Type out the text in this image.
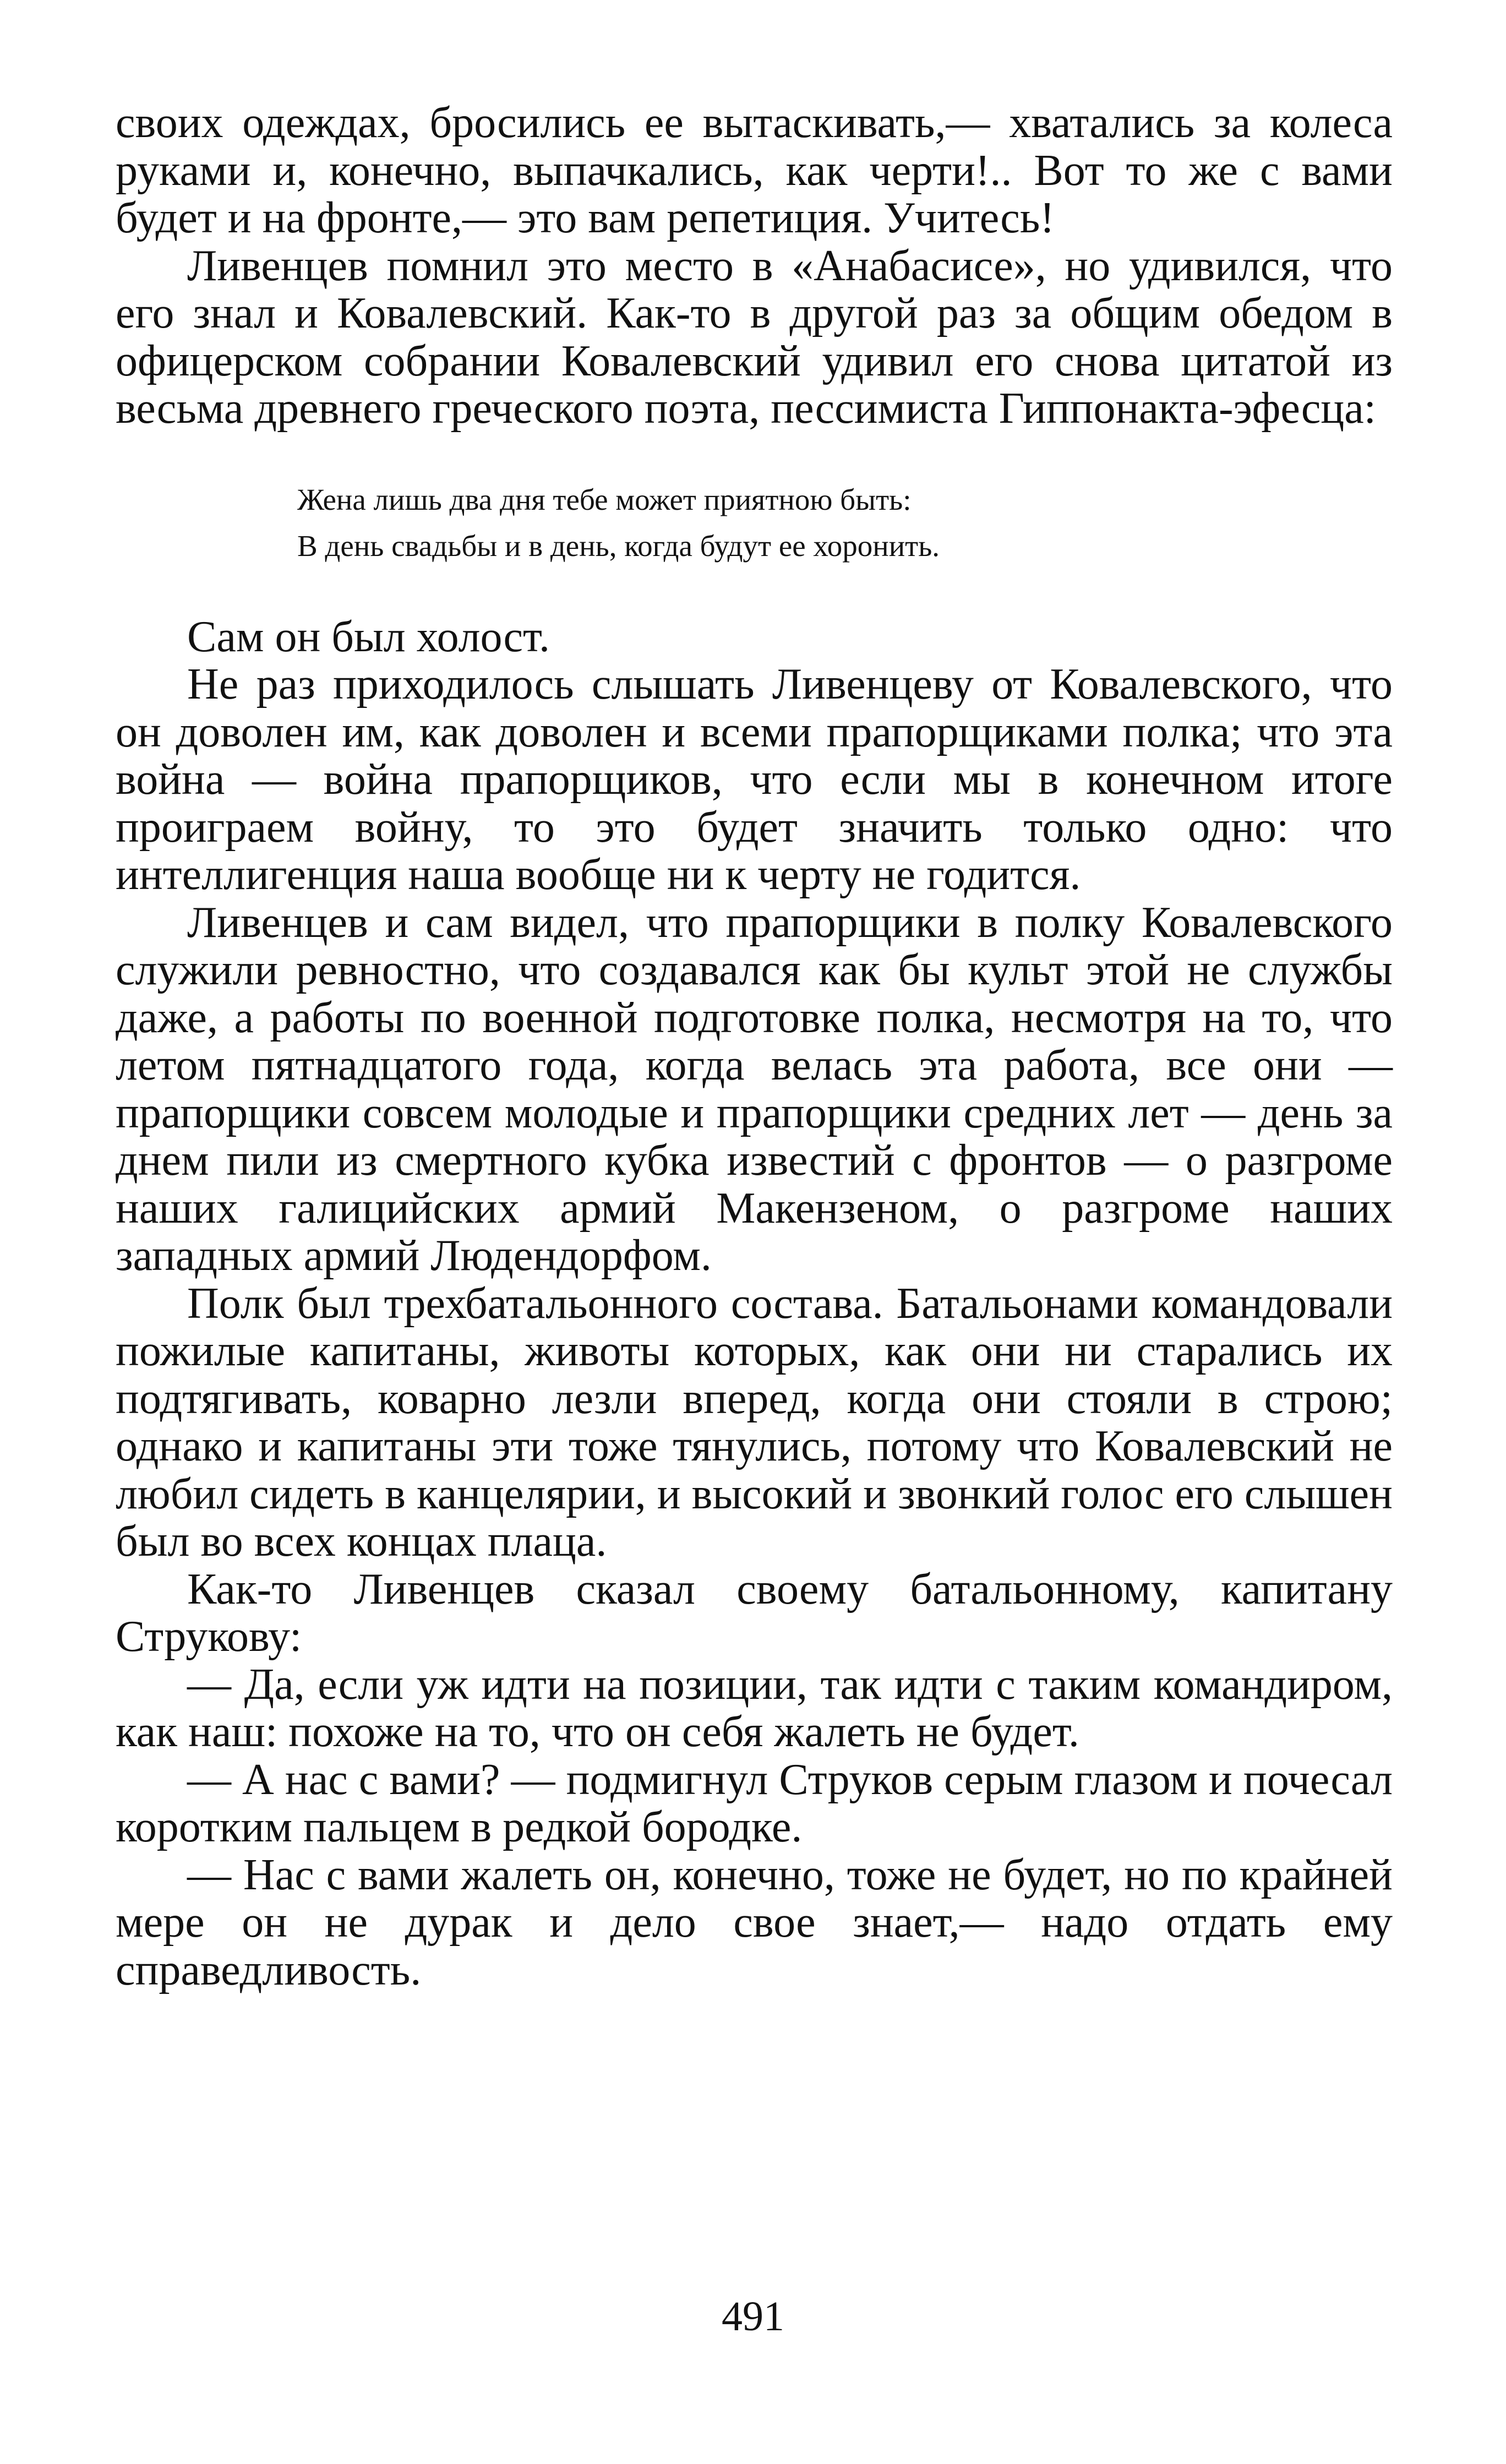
своих одеждах, бросились ее вытаскивать,— хватались за колеса руками и, конечно, выпачкались, как черти!.. Вот то же с вами будет и на фронте,— это вам репетиция. Учитесь!

Ливенцев помнил это место в «Анабасисе», но удивился, что его знал и Ковалевский. Как-то в другой раз за общим обедом в офицерском собрании Ковалевский удивил его снова цитатой из весьма древнего греческого поэта, пессимиста Гиппонакта-эфесца:

Жена лишь два дня тебе может приятною быть:
В день свадьбы и в день, когда будут ее хоронить.

Сам он был холост.

Не раз приходилось слышать Ливенцеву от Ковалевского, что он доволен им, как доволен и всеми прапорщиками полка; что эта война — война прапорщиков, что если мы в конечном итоге проиграем войну, то это будет значить только одно: что интеллигенция наша вообще ни к черту не годится.

Ливенцев и сам видел, что прапорщики в полку Ковалевского служили ревностно, что создавался как бы культ этой не службы даже, а работы по военной подготовке полка, несмотря на то, что летом пятнадцатого года, когда велась эта работа, все они — прапорщики совсем молодые и прапорщики средних лет — день за днем пили из смертного кубка известий с фронтов — о разгроме наших галицийских армий Макензеном, о разгроме наших западных армий Людендорфом.

Полк был трехбатальонного состава. Батальонами командовали пожилые капитаны, животы которых, как они ни старались их подтягивать, коварно лезли вперед, когда они стояли в строю; однако и капитаны эти тоже тянулись, потому что Ковалевский не любил сидеть в канцелярии, и высокий и звонкий голос его слышен был во всех концах плаца.

Как-то Ливенцев сказал своему батальонному, капитану Струкову:

— Да, если уж идти на позиции, так идти с таким командиром, как наш: похоже на то, что он себя жалеть не будет.

— А нас с вами? — подмигнул Струков серым глазом и почесал коротким пальцем в редкой бородке.

— Нас с вами жалеть он, конечно, тоже не будет, но по крайней мере он не дурак и дело свое знает,— надо отдать ему справедливость.

491
